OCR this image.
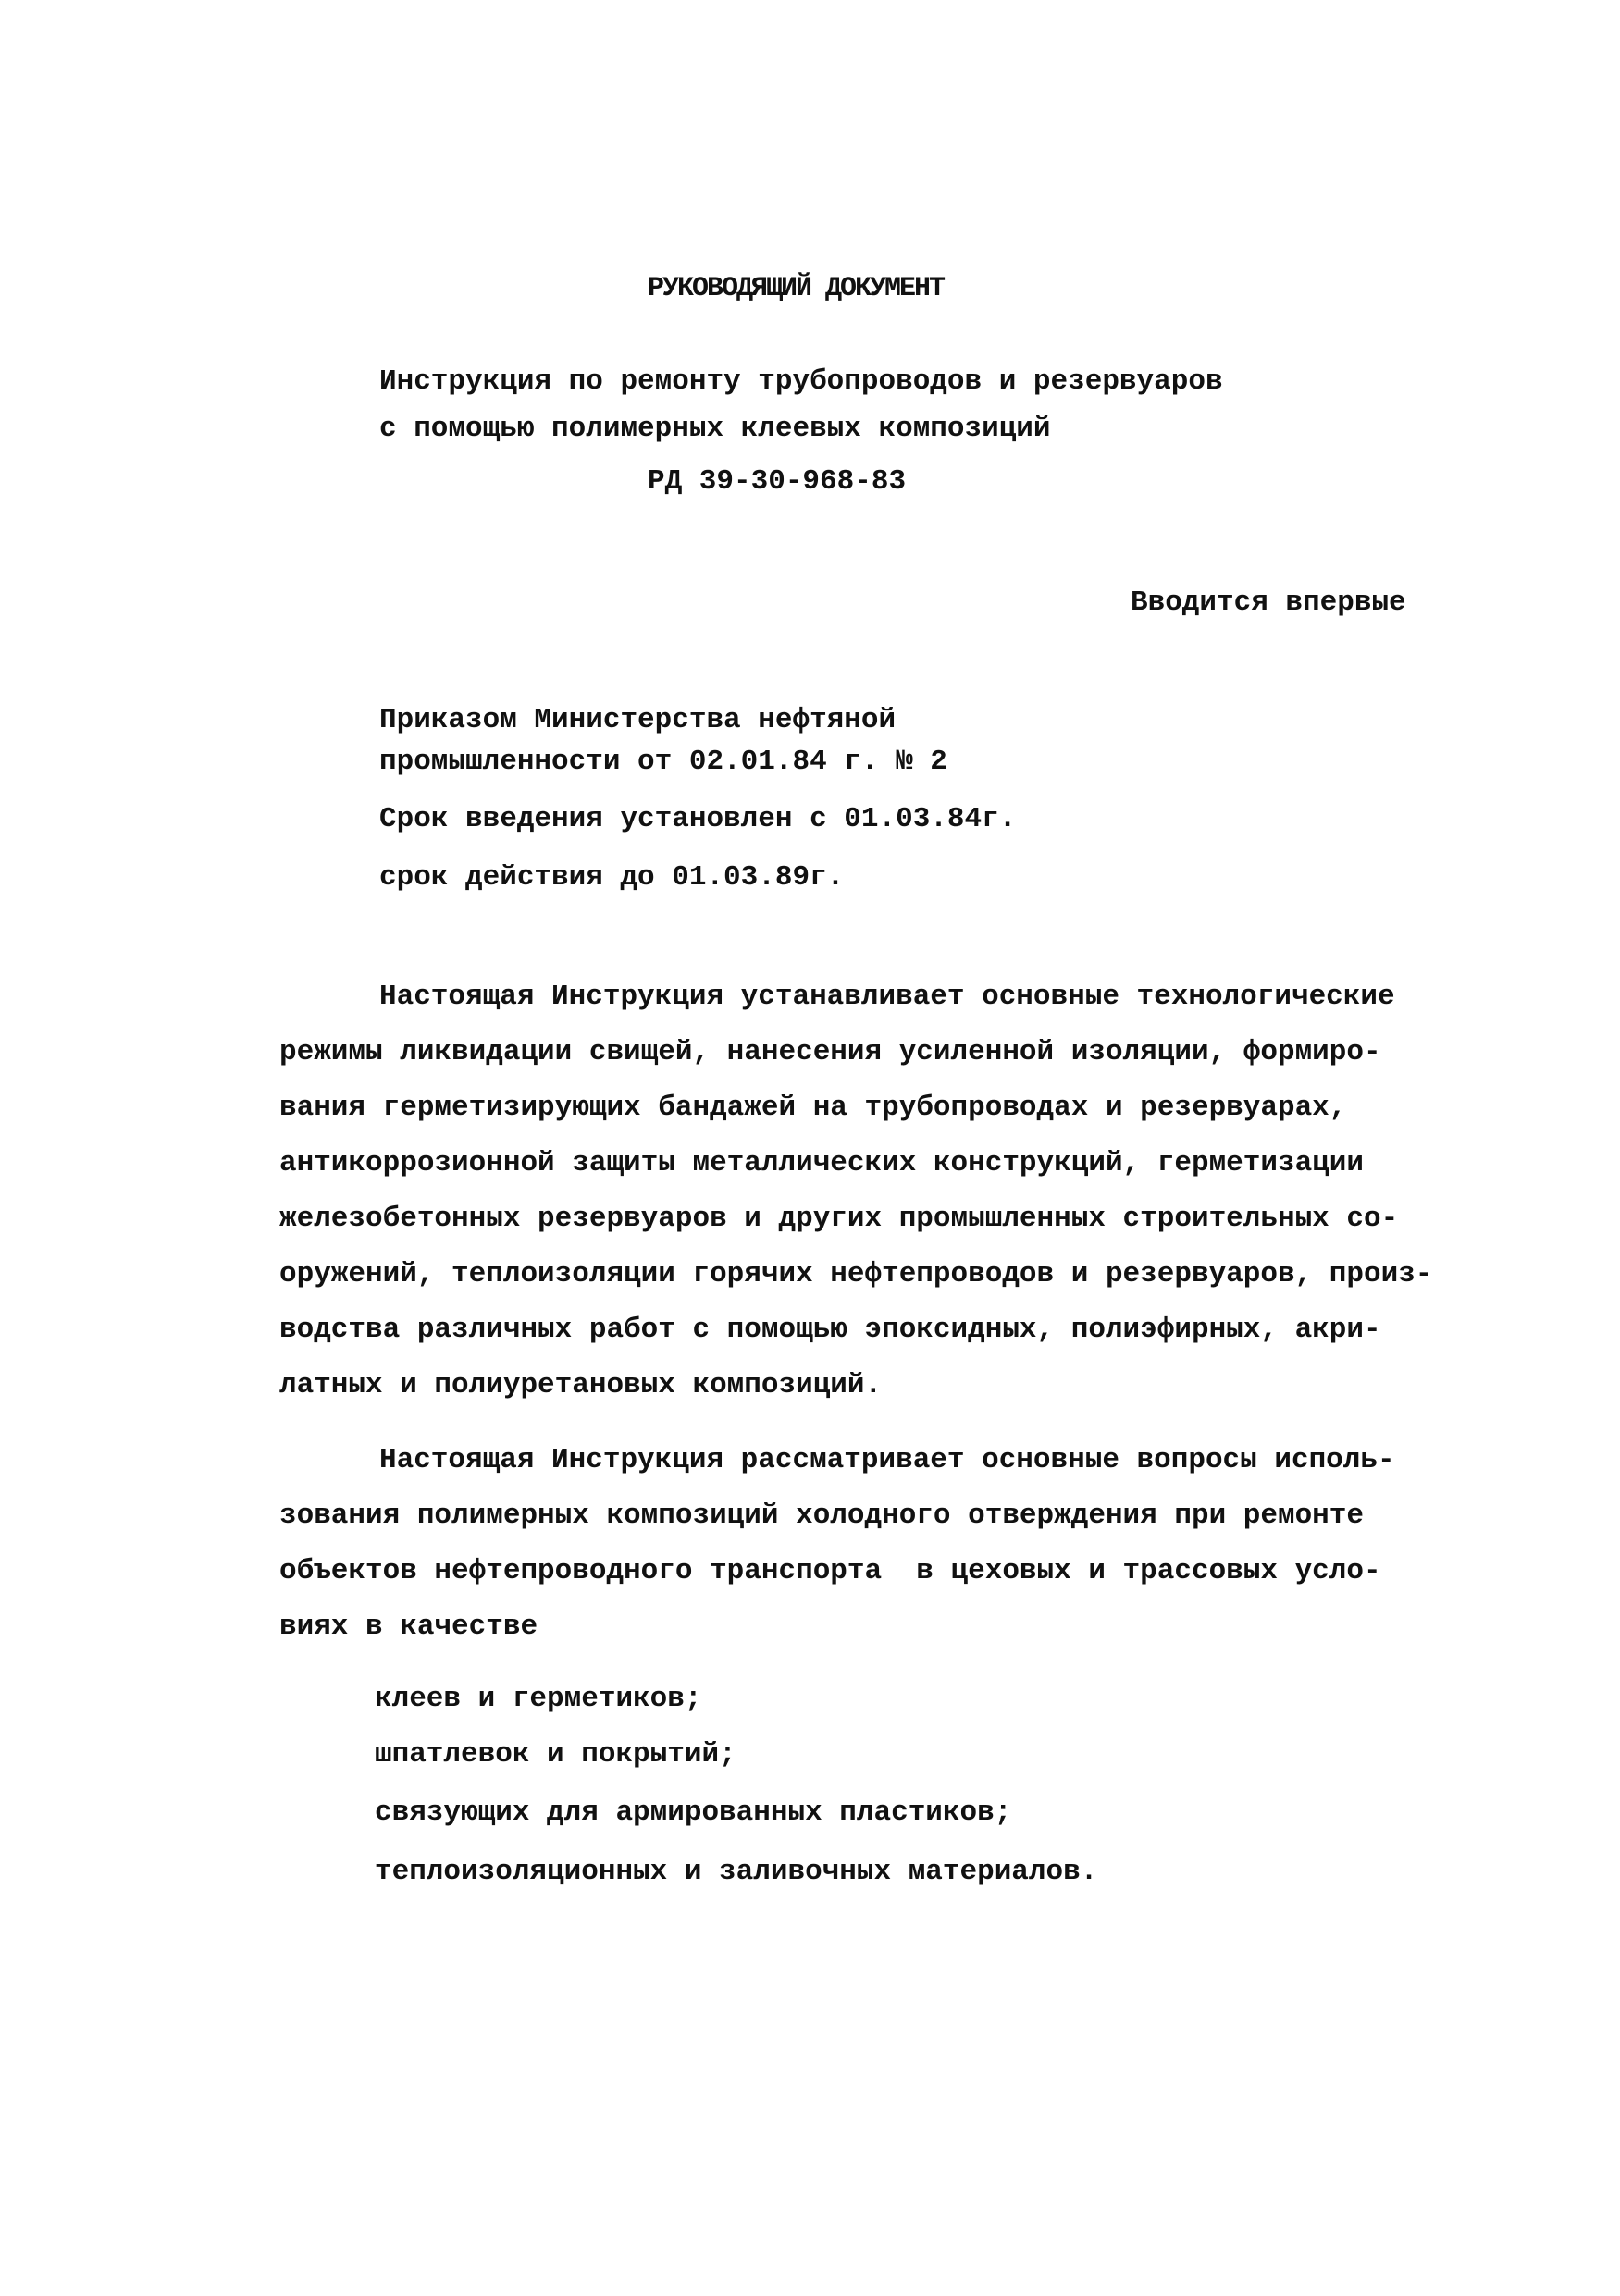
РУКОВОДЯЩИЙ ДОКУМЕНТ
Инструкция по ремонту трубопроводов и резервуаров
с помощью полимерных клеевых композиций
РД 39-30-968-83
Вводится впервые
Приказом Министерства нефтяной
промышленности от 02.01.84 г. № 2
Срок введения установлен с 01.03.84г.
срок действия до 01.03.89г.
Настоящая Инструкция устанавливает основные технологические
режимы ликвидации свищей, нанесения усиленной изоляции, формиро-
вания герметизирующих бандажей на трубопроводах и резервуарах,
антикоррозионной защиты металлических конструкций, герметизации
железобетонных резервуаров и других промышленных строительных со-
оружений, теплоизоляции горячих нефтепроводов и резервуаров, произ-
водства различных работ с помощью эпоксидных, полиэфирных, акри-
латных и полиуретановых композиций.
Настоящая Инструкция рассматривает основные вопросы исполь-
зования полимерных композиций холодного отверждения при ремонте
объектов нефтепроводного транспорта  в цеховых и трассовых усло-
виях в качестве
клеев и герметиков;
шпатлевок и покрытий;
связующих для армированных пластиков;
теплоизоляционных и заливочных материалов.
